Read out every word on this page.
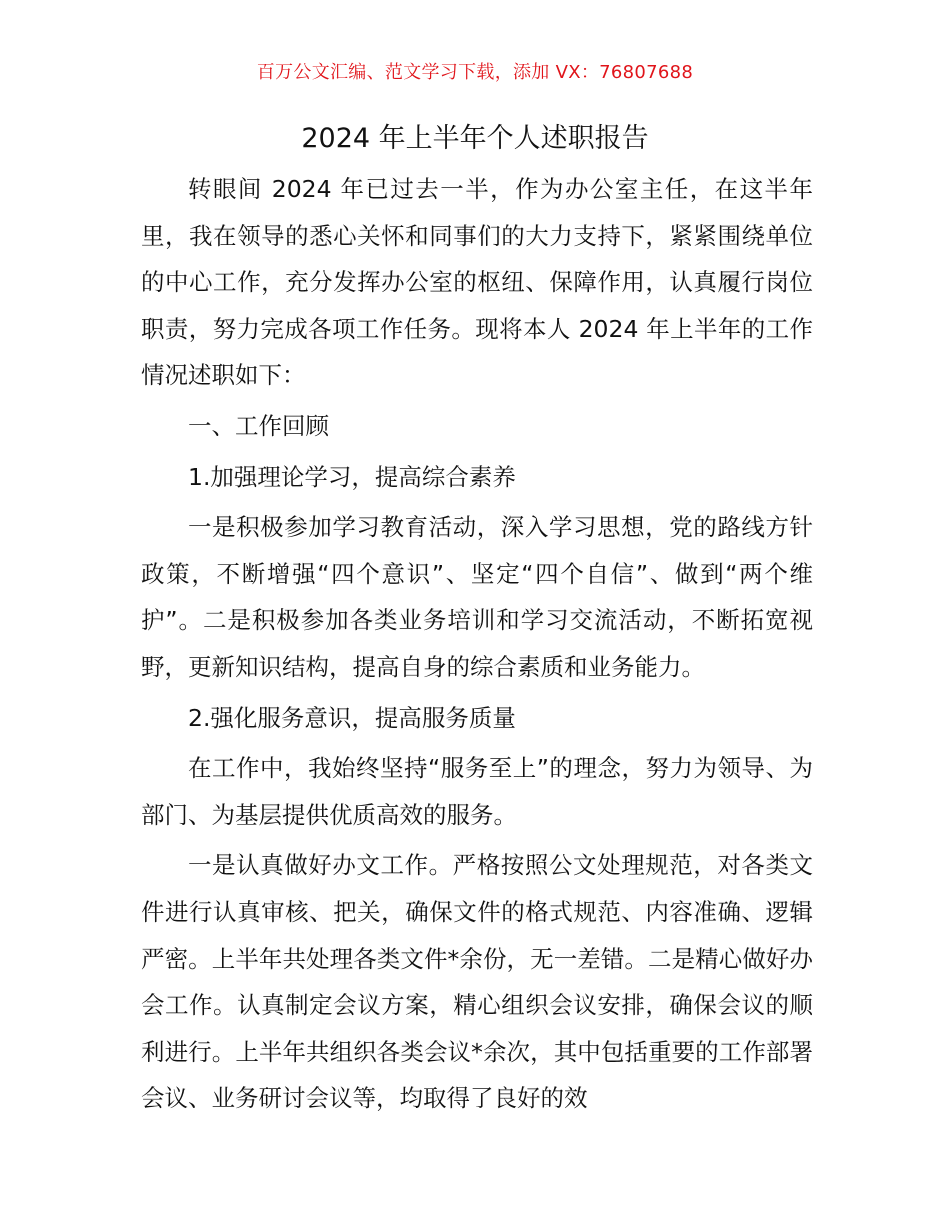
百万公文汇编、范文学习下载，添加 VX：76807688
2024 年上半年个人述职报告

转眼间 2024 年已过去一半，作为办公室主任，在这半年里，我在领导的悉心关怀和同事们的大力支持下，紧紧围绕单位的中心工作，充分发挥办公室的枢纽、保障作用，认真履行岗位职责，努力完成各项工作任务。现将本人 2024 年上半年的工作情况述职如下：

一、工作回顾

1.加强理论学习，提高综合素养

一是积极参加学习教育活动，深入学习思想，党的路线方针政策，不断增强“四个意识”、坚定“四个自信”、做到“两个维护”。二是积极参加各类业务培训和学习交流活动，不断拓宽视野，更新知识结构，提高自身的综合素质和业务能力。

2.强化服务意识，提高服务质量

在工作中，我始终坚持“服务至上”的理念，努力为领导、为部门、为基层提供优质高效的服务。

一是认真做好办文工作。严格按照公文处理规范，对各类文件进行认真审核、把关，确保文件的格式规范、内容准确、逻辑严密。上半年共处理各类文件*余份，无一差错。二是精心做好办会工作。认真制定会议方案，精心组织会议安排，确保会议的顺利进行。上半年共组织各类会议*余次，其中包括重要的工作部署会议、业务研讨会议等，均取得了良好的效
